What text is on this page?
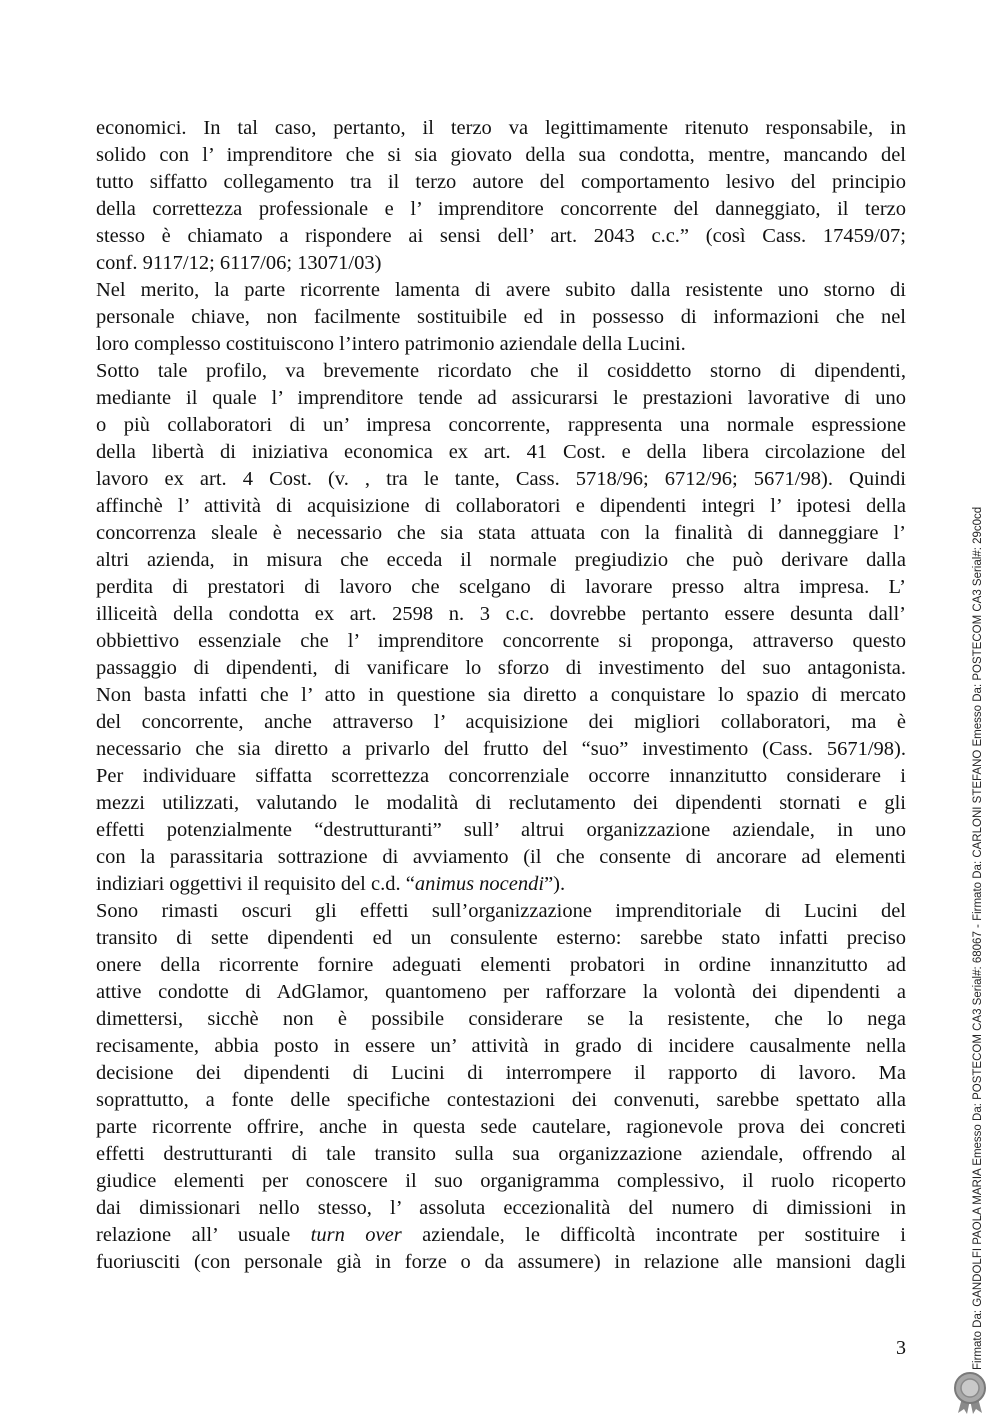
economici. In tal caso, pertanto, il terzo va legittimamente ritenuto responsabile, in
solido con l’ imprenditore che si sia giovato della sua condotta, mentre, mancando del
tutto siffatto collegamento tra il terzo autore del comportamento lesivo del principio
della correttezza professionale e l’ imprenditore concorrente del danneggiato, il terzo
stesso è chiamato a rispondere ai sensi dell’ art. 2043 c.c.” (così Cass. 17459/07;
conf. 9117/12; 6117/06; 13071/03)
Nel merito, la parte ricorrente lamenta di avere subito dalla resistente uno storno di
personale chiave, non facilmente sostituibile ed in possesso di informazioni che nel
loro complesso costituiscono l’intero patrimonio aziendale della Lucini.
Sotto tale profilo, va brevemente ricordato che il cosiddetto storno di dipendenti,
mediante il quale l’ imprenditore tende ad assicurarsi le prestazioni lavorative di uno
o più collaboratori di un’ impresa concorrente, rappresenta una normale espressione
della libertà di iniziativa economica ex art. 41 Cost. e della libera circolazione del
lavoro ex art. 4 Cost. (v. , tra le tante, Cass. 5718/96; 6712/96; 5671/98). Quindi
affinchè l’ attività di acquisizione di collaboratori e dipendenti integri l’ ipotesi della
concorrenza sleale è necessario che sia stata attuata con la finalità di danneggiare l’
altri azienda, in misura che ecceda il normale pregiudizio che può derivare dalla
perdita di prestatori di lavoro che scelgano di lavorare presso altra impresa. L’
illiceità della condotta ex art. 2598 n. 3 c.c. dovrebbe pertanto essere desunta dall’
obbiettivo essenziale che l’ imprenditore concorrente si proponga, attraverso questo
passaggio di dipendenti, di vanificare lo sforzo di investimento del suo antagonista.
Non basta infatti che l’ atto in questione sia diretto a conquistare lo spazio di mercato
del concorrente, anche attraverso l’ acquisizione dei migliori collaboratori, ma è
necessario che sia diretto a privarlo del frutto del “suo” investimento (Cass. 5671/98).
Per individuare siffatta scorrettezza concorrenziale occorre innanzitutto considerare i
mezzi utilizzati, valutando le modalità di reclutamento dei dipendenti stornati e gli
effetti potenzialmente “destrutturanti” sull’ altrui organizzazione aziendale, in uno
con la parassitaria sottrazione di avviamento (il che consente di ancorare ad elementi
indiziari oggettivi il requisito del c.d. “animus nocendi”).
Sono rimasti oscuri gli effetti sull’organizzazione imprenditoriale di Lucini del
transito di sette dipendenti ed un consulente esterno: sarebbe stato infatti preciso
onere della ricorrente fornire adeguati elementi probatori in ordine innanzitutto ad
attive condotte di AdGlamor, quantomeno per rafforzare la volontà dei dipendenti a
dimettersi, sicchè non è possibile considerare se la resistente, che lo nega
recisamente, abbia posto in essere un’ attività in grado di incidere causalmente nella
decisione dei dipendenti di Lucini di interrompere il rapporto di lavoro. Ma
soprattutto, a fonte delle specifiche contestazioni dei convenuti, sarebbe spettato alla
parte ricorrente offrire, anche in questa sede cautelare, ragionevole prova dei concreti
effetti destrutturanti di tale transito sulla sua organizzazione aziendale, offrendo al
giudice elementi per conoscere il suo organigramma complessivo, il ruolo ricoperto
dai dimissionari nello stesso, l’ assoluta eccezionalità del numero di dimissioni in
relazione all’ usuale turn over aziendale, le difficoltà incontrate per sostituire i
fuoriusciti (con personale già in forze o da assumere) in relazione alle mansioni dagli
3	Firmato Da: GANDOLFI PAOLA MARIA Emesso Da: POSTECOM CA3 Serial#: 68067 - Firmato Da: CARLONI STEFANO Emesso Da: POSTECOM CA3 Serial#: 29c0cd
